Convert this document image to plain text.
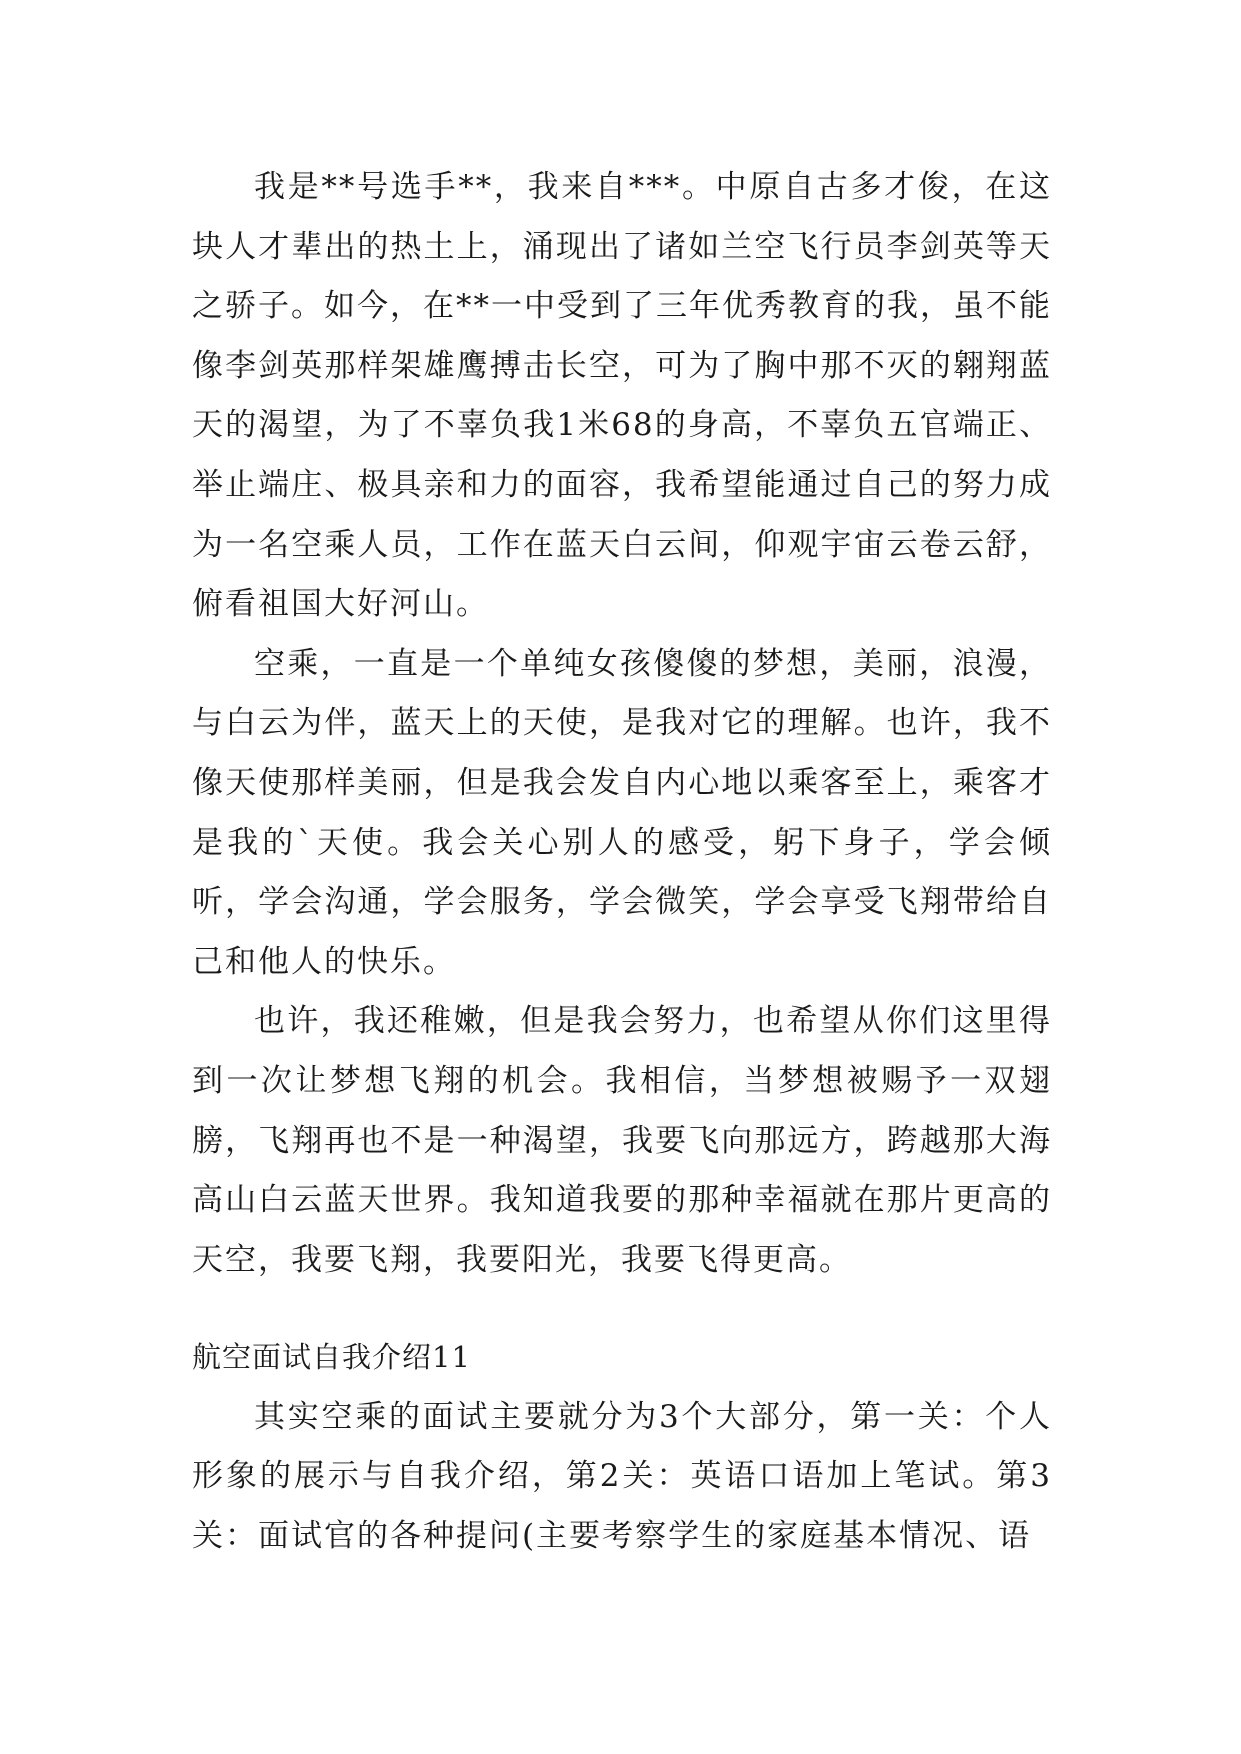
我是**号选手**，我来自***。中原自古多才俊，在这块人才辈出的热土上，涌现出了诸如兰空飞行员李剑英等天之骄子。如今，在**一中受到了三年优秀教育的我，虽不能像李剑英那样架雄鹰搏击长空，可为了胸中那不灭的翱翔蓝天的渴望，为了不辜负我1米68的身高，不辜负五官端正、举止端庄、极具亲和力的面容，我希望能通过自己的努力成为一名空乘人员，工作在蓝天白云间，仰观宇宙云卷云舒，俯看祖国大好河山。

空乘，一直是一个单纯女孩傻傻的梦想，美丽，浪漫，与白云为伴，蓝天上的天使，是我对它的理解。也许，我不像天使那样美丽，但是我会发自内心地以乘客至上，乘客才是我的`天使。我会关心别人的感受，躬下身子，学会倾听，学会沟通，学会服务，学会微笑，学会享受飞翔带给自己和他人的快乐。

也许，我还稚嫩，但是我会努力，也希望从你们这里得到一次让梦想飞翔的机会。我相信，当梦想被赐予一双翅膀，飞翔再也不是一种渴望，我要飞向那远方，跨越那大海高山白云蓝天世界。我知道我要的那种幸福就在那片更高的天空，我要飞翔，我要阳光，我要飞得更高。

航空面试自我介绍11

其实空乘的面试主要就分为3个大部分，第一关：个人形象的展示与自我介绍，第2关：英语口语加上笔试。第3关：面试官的各种提问(主要考察学生的家庭基本情况、语
